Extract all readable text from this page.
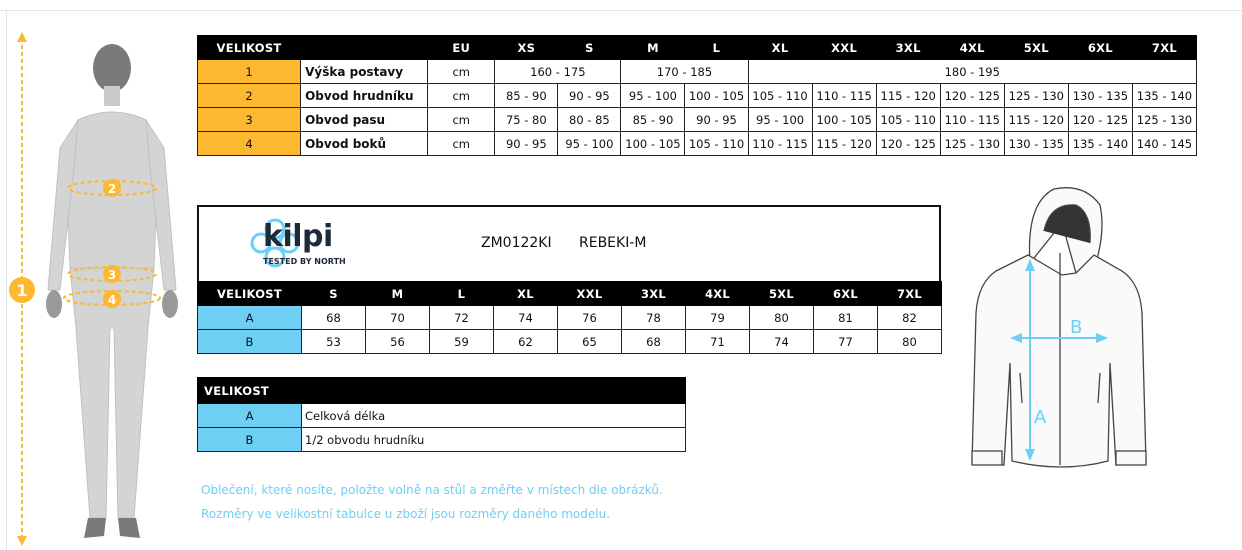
1
2
3
4
VELIKOST		EU	XS	S	M	L	XL	XXL	3XL	4XL	5XL	6XL	7XL
1	Výška postavy	cm	160 - 175		170 - 185		180 - 195						
2	Obvod hrudníku	cm	85 - 90	90 - 95	95 - 100	100 - 105	105 - 110	110 - 115	115 - 120	120 - 125	125 - 130	130 - 135	135 - 140
3	Obvod pasu	cm	75 - 80	80 - 85	85 - 90	90 - 95	95 - 100	100 - 105	105 - 110	110 - 115	115 - 120	120 - 125	125 - 130
4	Obvod boků	cm	90 - 95	95 - 100	100 - 105	105 - 110	110 - 115	115 - 120	120 - 125	125 - 130	130 - 135	135 - 140	140 - 145
kilpi
TESTED BY NORTH
ZM0122KI REBEKI-M
VELIKOST	S	M	L	XL	XXL	3XL	4XL	5XL	6XL	7XL
A	68	70	72	74	76	78	79	80	81	82
B	53	56	59	62	65	68	71	74	77	80
VELIKOST	
A	Celková délka
B	1/2 obvodu hrudníku
Oblečení, které nosíte, položte volně na stůl a změřte v místech dle obrázků.
Rozměry ve velikostní tabulce u zboží jsou rozměry daného modelu.
A
B
